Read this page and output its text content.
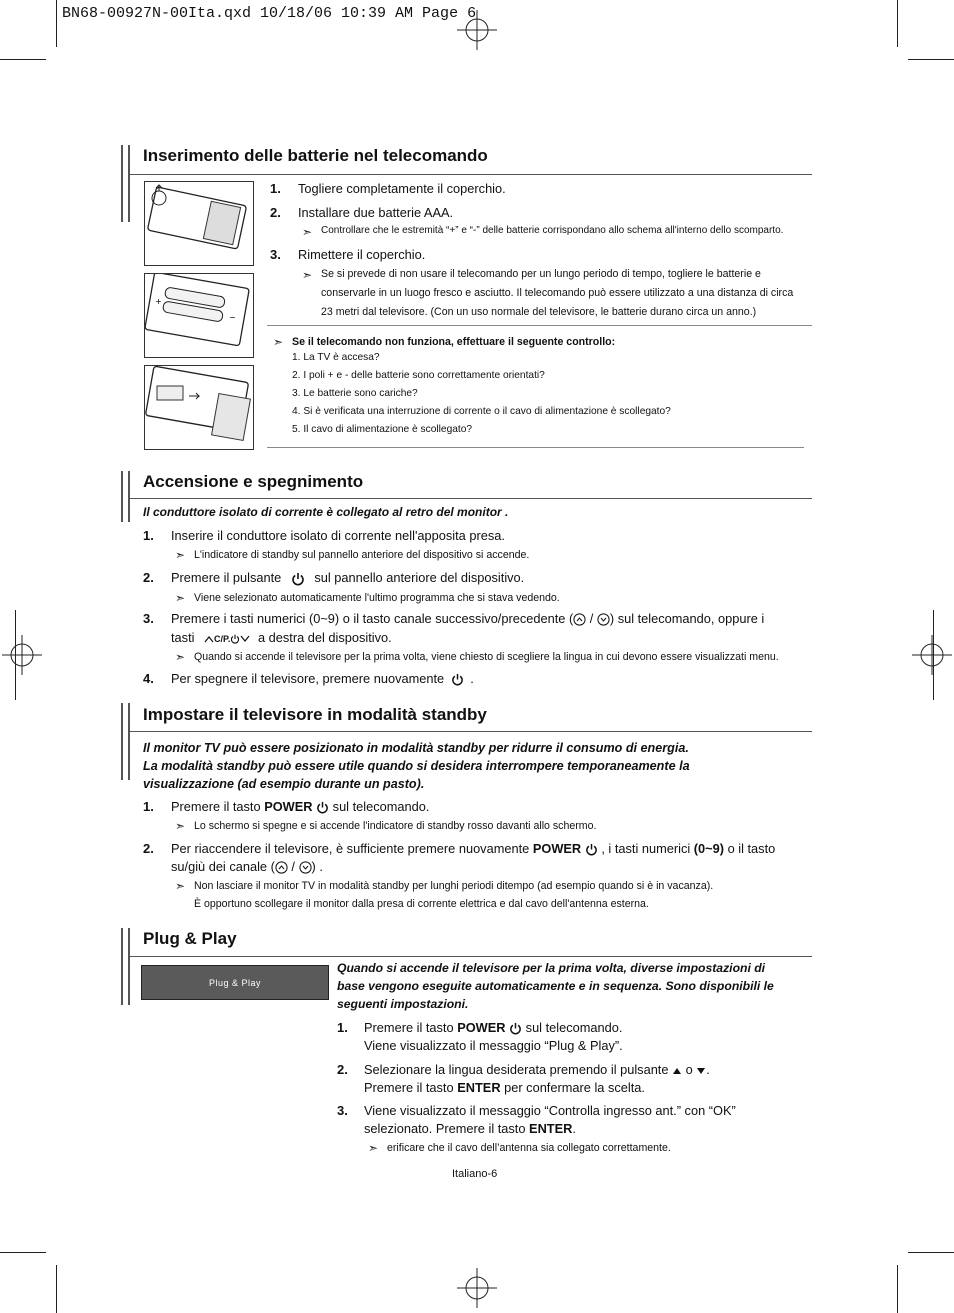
BN68-00927N-00Ita.qxd 10/18/06 10:39 AM Page 6
Inserimento delle batterie nel telecomando
+
−
1. Togliere completamente il coperchio.
2. Installare due batterie AAA.
➣ Controllare che le estremità “+” e “-” delle batterie corrispondano allo schema all'interno dello scomparto.
3. Rimettere il coperchio.
➣ Se si prevede di non usare il telecomando per un lungo periodo di tempo, togliere le batterie e
conservarle in un luogo fresco e asciutto. Il telecomando può essere utilizzato a una distanza di circa
23 metri dal televisore. (Con un uso normale del televisore, le batterie durano circa un anno.)
➣ Se il telecomando non funziona, effettuare il seguente controllo:
1. La TV è accesa?
2. I poli + e - delle batterie sono correttamente orientati?
3. Le batterie sono cariche?
4. Si è verificata una interruzione di corrente o il cavo di alimentazione è scollegato?
5. Il cavo di alimentazione è scollegato?
Accensione e spegnimento
Il conduttore isolato di corrente è collegato al retro del monitor .
1. Inserire il conduttore isolato di corrente nell'apposita presa.
➣ L'indicatore di standby sul pannello anteriore del dispositivo si accende.
2. Premere il pulsante	sul pannello anteriore del dispositivo.
➣ Viene selezionato automaticamente l'ultimo programma che si stava vedendo.
3. Premere i tasti numerici (0~9) o il tasto canale successivo/precedente ( / ) sul telecomando, oppure i
tasti C/P. a destra del dispositivo.
➣ Quando si accende il televisore per la prima volta, viene chiesto di scegliere la lingua in cui devono essere visualizzati menu.
4. Per spegnere il televisore, premere nuovamente .
Impostare il televisore in modalità standby
Il monitor TV può essere posizionato in modalità standby per ridurre il consumo di energia.
La modalità standby può essere utile quando si desidera interrompere temporaneamente la
visualizzazione (ad esempio durante un pasto).
1. Premere il tasto POWER sul telecomando.
➣ Lo schermo si spegne e si accende l'indicatore di standby rosso davanti allo schermo.
2. Per riaccendere il televisore, è sufficiente premere nuovamente POWER , i tasti numerici (0~9) o il tasto
su/giù dei canale ( / ) .
➣ Non lasciare il monitor TV in modalità standby per lunghi periodi ditempo (ad esempio quando si è in vacanza).
È opportuno scollegare il monitor dalla presa di corrente elettrica e dal cavo dell'antenna esterna.
Plug & Play
Plug & Play
Quando si accende il televisore per la prima volta, diverse impostazioni di
base vengono eseguite automaticamente e in sequenza. Sono disponibili le
seguenti impostazioni.
1. Premere il tasto POWER sul telecomando.
Viene visualizzato il messaggio “Plug & Play”.
2. Selezionare la lingua desiderata premendo il pulsante o .
Premere il tasto ENTER per confermare la scelta.
3. Viene visualizzato il messaggio “Controlla ingresso ant.” con “OK”
selezionato. Premere il tasto ENTER.
➣ erificare che il cavo dell’antenna sia collegato correttamente.
Italiano-6
